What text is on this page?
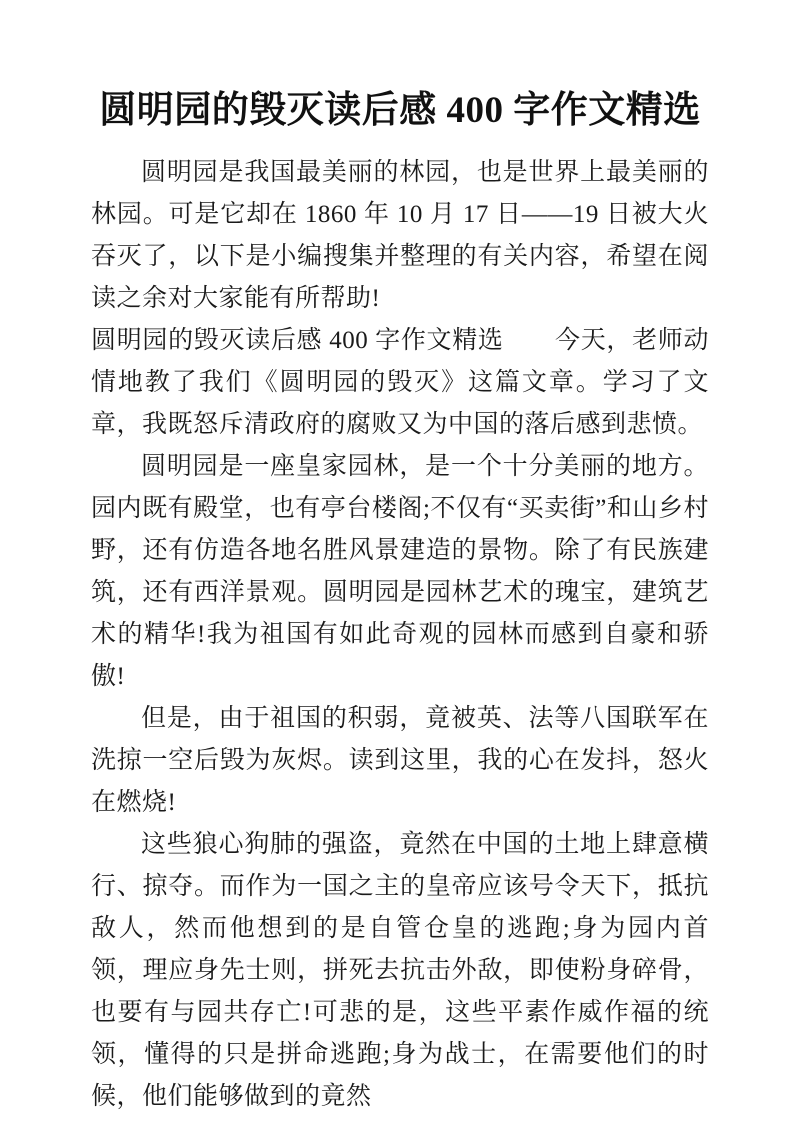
圆明园的毁灭读后感 400 字作文精选

圆明园是我国最美丽的林园，也是世界上最美丽的林园。可是它却在 1860 年 10 月 17 日——19 日被大火吞灭了，以下是小编搜集并整理的有关内容，希望在阅读之余对大家能有所帮助!

圆明园的毁灭读后感 400 字作文精选　　今天，老师动情地教了我们《圆明园的毁灭》这篇文章。学习了文章，我既怒斥清政府的腐败又为中国的落后感到悲愤。

圆明园是一座皇家园林，是一个十分美丽的地方。园内既有殿堂，也有亭台楼阁;不仅有“买卖街”和山乡村野，还有仿造各地名胜风景建造的景物。除了有民族建筑，还有西洋景观。圆明园是园林艺术的瑰宝，建筑艺术的精华!我为祖国有如此奇观的园林而感到自豪和骄傲!

但是，由于祖国的积弱，竟被英、法等八国联军在洗掠一空后毁为灰烬。读到这里，我的心在发抖，怒火在燃烧!

这些狼心狗肺的强盗，竟然在中国的土地上肆意横行、掠夺。而作为一国之主的皇帝应该号令天下，抵抗敌人，然而他想到的是自管仓皇的逃跑;身为园内首领，理应身先士则，拼死去抗击外敌，即使粉身碎骨，也要有与园共存亡!可悲的是，这些平素作威作福的统领，懂得的只是拼命逃跑;身为战士，在需要他们的时候，他们能够做到的竟然
